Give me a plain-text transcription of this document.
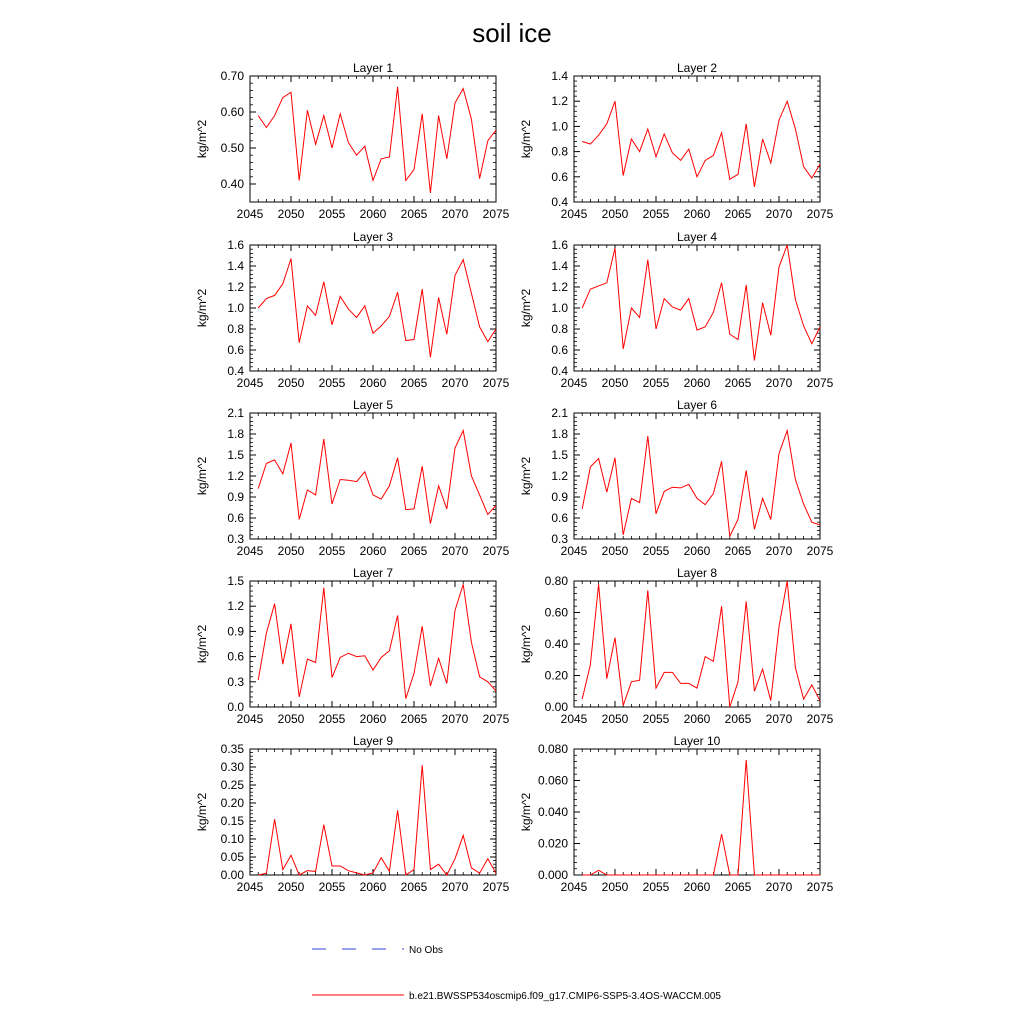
soil ice
Layer 1
kg/m^2
2045 2050 2055 2060 2065 2070 2075
0.40
0.50
0.60
0.70
Layer 2
kg/m^2
2045 2050 2055 2060 2065 2070 2075
0.4
0.6
0.8
1.0
1.2
1.4
Layer 3
kg/m^2
2045 2050 2055 2060 2065 2070 2075
0.4
0.6
0.8
1.0
1.2
1.4
1.6
Layer 4
kg/m^2
2045 2050 2055 2060 2065 2070 2075
0.4
0.6
0.8
1.0
1.2
1.4
1.6
Layer 5
kg/m^2
2045 2050 2055 2060 2065 2070 2075
0.3
0.6
0.9
1.2
1.5
1.8
2.1
Layer 6
kg/m^2
2045 2050 2055 2060 2065 2070 2075
0.3
0.6
0.9
1.2
1.5
1.8
2.1
Layer 7
kg/m^2
2045 2050 2055 2060 2065 2070 2075
0.0
0.3
0.6
0.9
1.2
1.5
Layer 8
kg/m^2
2045 2050 2055 2060 2065 2070 2075
0.00
0.20
0.40
0.60
0.80
Layer 9
kg/m^2
2045 2050 2055 2060 2065 2070 2075
0.00
0.05
0.10
0.15
0.20
0.25
0.30
0.35
Layer 10
kg/m^2
2045 2050 2055 2060 2065 2070 2075
0.000
0.020
0.040
0.060
0.080
No Obs
b.e21.BWSSP534oscmip6.f09_g17.CMIP6-SSP5-3.4OS-WACCM.005
